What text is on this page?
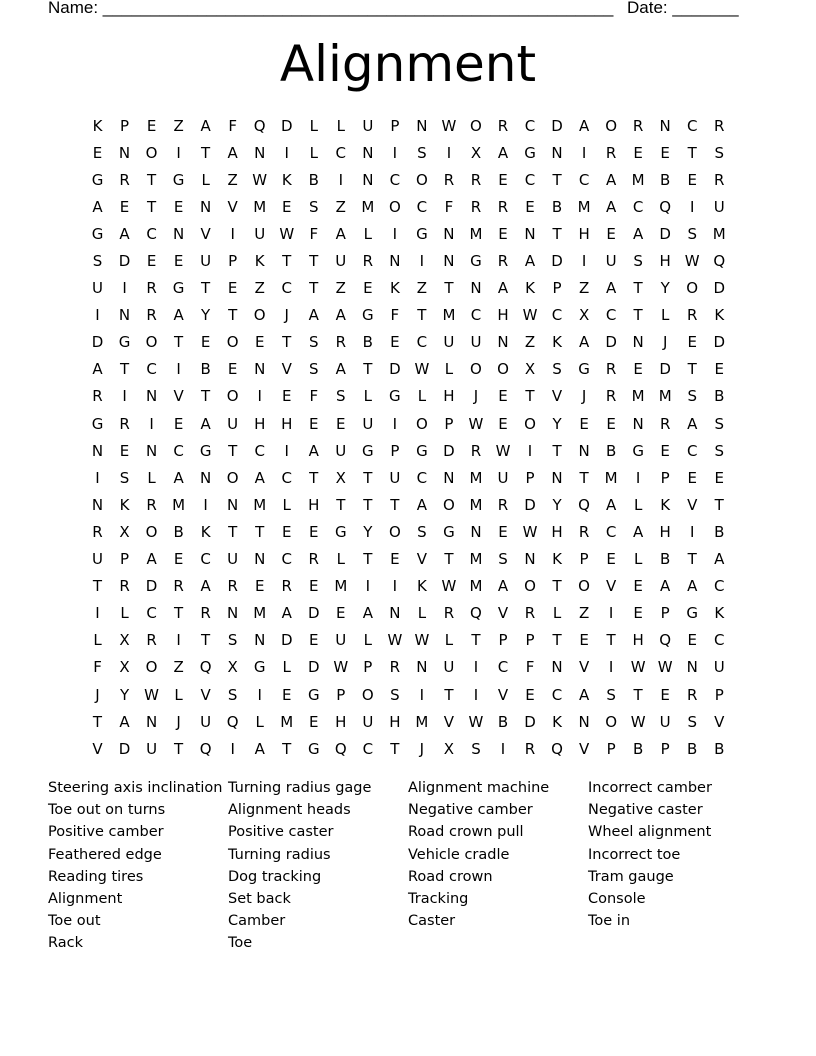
Name: ______________________________________________________ Date: _______
Alignment
K	P	E	Z	A	F	Q	D	L	L	U	P	N W O	R	C	D	A	O	R	N	C	R
E	N	O	I	T	A	N	I	L	C	N	I	S	I	X	A	G	N	I	R	E	E	T	S
G	R	T	G	L	Z W K	B	I	N	C	O	R	R	E	C	T	C	A	M	B	E	R
A	E	T	E	N	V	M	E	S	Z	M O	C	F	R	R	E	B	M	A	C	Q	I	U
G	A	C	N	V	I	U W	F	A	L	I	G	N M	E	N	T	H	E	A	D	S	M
S	D	E	E	U	P	K	T	T	U	R	N	I	N	G	R	A	D	I	U	S	H W Q
U	I	R	G	T	E	Z	C	T	Z	E	K	Z	T	N	A	K	P	Z	A	T	Y	O	D
I	N	R	A	Y	T	O	J	A	A	G	F	T	M	C	H W C	X	C	T	L	R	K
D	G	O	T	E	O	E	T	S	R	B	E	C	U	U	N	Z	K	A	D	N	J	E	D
A	T	C	I	B	E	N	V	S	A	T	D W	L	O	O	X	S	G	R	E	D	T	E
R	I	N	V	T	O	I	E	F	S	L	G	L	H	J	E	T	V	J	R	M M	S	B
G	R	I	E	A	U	H	H	E	E	U	I	O	P	W E	O	Y	E	E	N	R	A	S
N	E	N	C	G	T	C	I	A	U	G	P	G	D	R W	I	T	N	B	G	E	C	S
I	S	L	A	N	O	A	C	T	X	T	U	C	N M	U	P	N	T	M	I	P	E	E
N	K	R	M	I	N M	L	H	T	T	T	A	O M	R	D	Y	Q	A	L	K	V	T
R	X	O	B	K	T	T	E	E	G	Y	O	S	G	N	E W H	R	C	A	H	I	B
U	P	A	E	C	U	N	C	R	L	T	E	V	T	M	S	N	K	P	E	L	B	T	A
T	R	D	R	A	R	E	R	E	M	I	I	K W M	A	O	T	O	V	E	A	A	C
I	L	C	T	R	N M	A	D	E	A	N	L	R	Q	V	R	L	Z	I	E	P	G	K
L	X	R	I	T	S	N	D	E	U	L	W W	L	T	P	P	T	E	T	H	Q	E	C
F	X	O	Z	Q	X	G	L	D W	P	R	N	U	I	C	F	N	V	I	W W N	U
J	Y	W	L	V	S	I	E	G	P	O	S	I	T	I	V	E	C	A	S	T	E	R	P
T	A	N	J	U	Q	L	M	E	H	U	H M	V W B	D	K	N	O W U	S	V
V	D	U	T	Q	I	A	T	G	Q	C	T	J	X	S	I	R	Q	V	P	B	P	B	B
Steering axis inclination
Toe out on turns
Positive camber
Feathered edge
Reading tires
Alignment
Toe out
Rack
Turning radius gage
Alignment heads
Positive caster
Turning radius
Dog tracking
Set back
Camber
Toe
Alignment machine
Negative camber
Road crown pull
Vehicle cradle
Road crown
Tracking
Caster
Incorrect camber
Negative caster
Wheel alignment
Incorrect toe
Tram gauge
Console
Toe in
